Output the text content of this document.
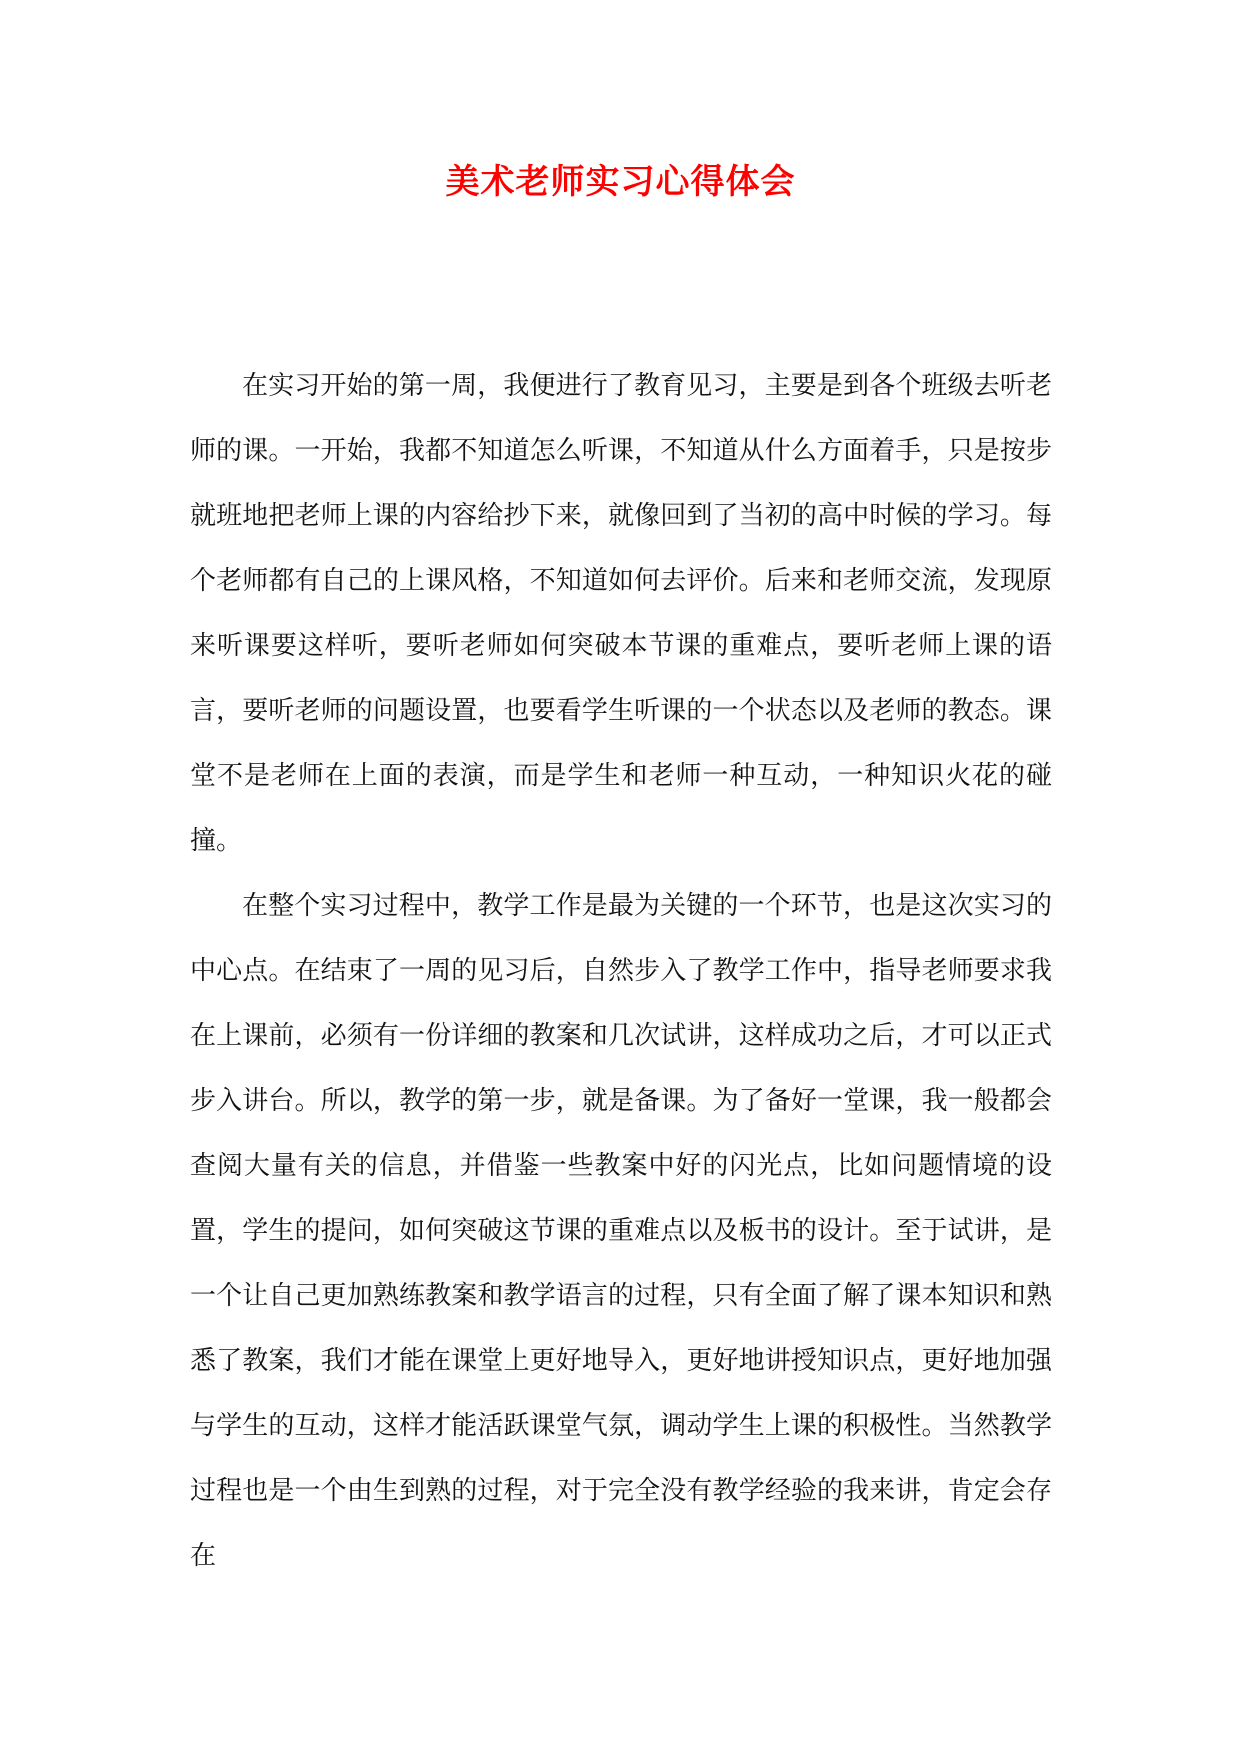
美术老师实习心得体会

在实习开始的第一周，我便进行了教育见习，主要是到各个班级去听老师的课。一开始，我都不知道怎么听课，不知道从什么方面着手，只是按步就班地把老师上课的内容给抄下来，就像回到了当初的高中时候的学习。每个老师都有自己的上课风格，不知道如何去评价。后来和老师交流，发现原来听课要这样听，要听老师如何突破本节课的重难点，要听老师上课的语言，要听老师的问题设置，也要看学生听课的一个状态以及老师的教态。课堂不是老师在上面的表演，而是学生和老师一种互动，一种知识火花的碰撞。

在整个实习过程中，教学工作是最为关键的一个环节，也是这次实习的中心点。在结束了一周的见习后，自然步入了教学工作中，指导老师要求我在上课前，必须有一份详细的教案和几次试讲，这样成功之后，才可以正式步入讲台。所以，教学的第一步，就是备课。为了备好一堂课，我一般都会查阅大量有关的信息，并借鉴一些教案中好的闪光点，比如问题情境的设置，学生的提问，如何突破这节课的重难点以及板书的设计。至于试讲，是一个让自己更加熟练教案和教学语言的过程，只有全面了解了课本知识和熟悉了教案，我们才能在课堂上更好地导入，更好地讲授知识点，更好地加强与学生的互动，这样才能活跃课堂气氛，调动学生上课的积极性。当然教学过程也是一个由生到熟的过程，对于完全没有教学经验的我来讲，肯定会存在
